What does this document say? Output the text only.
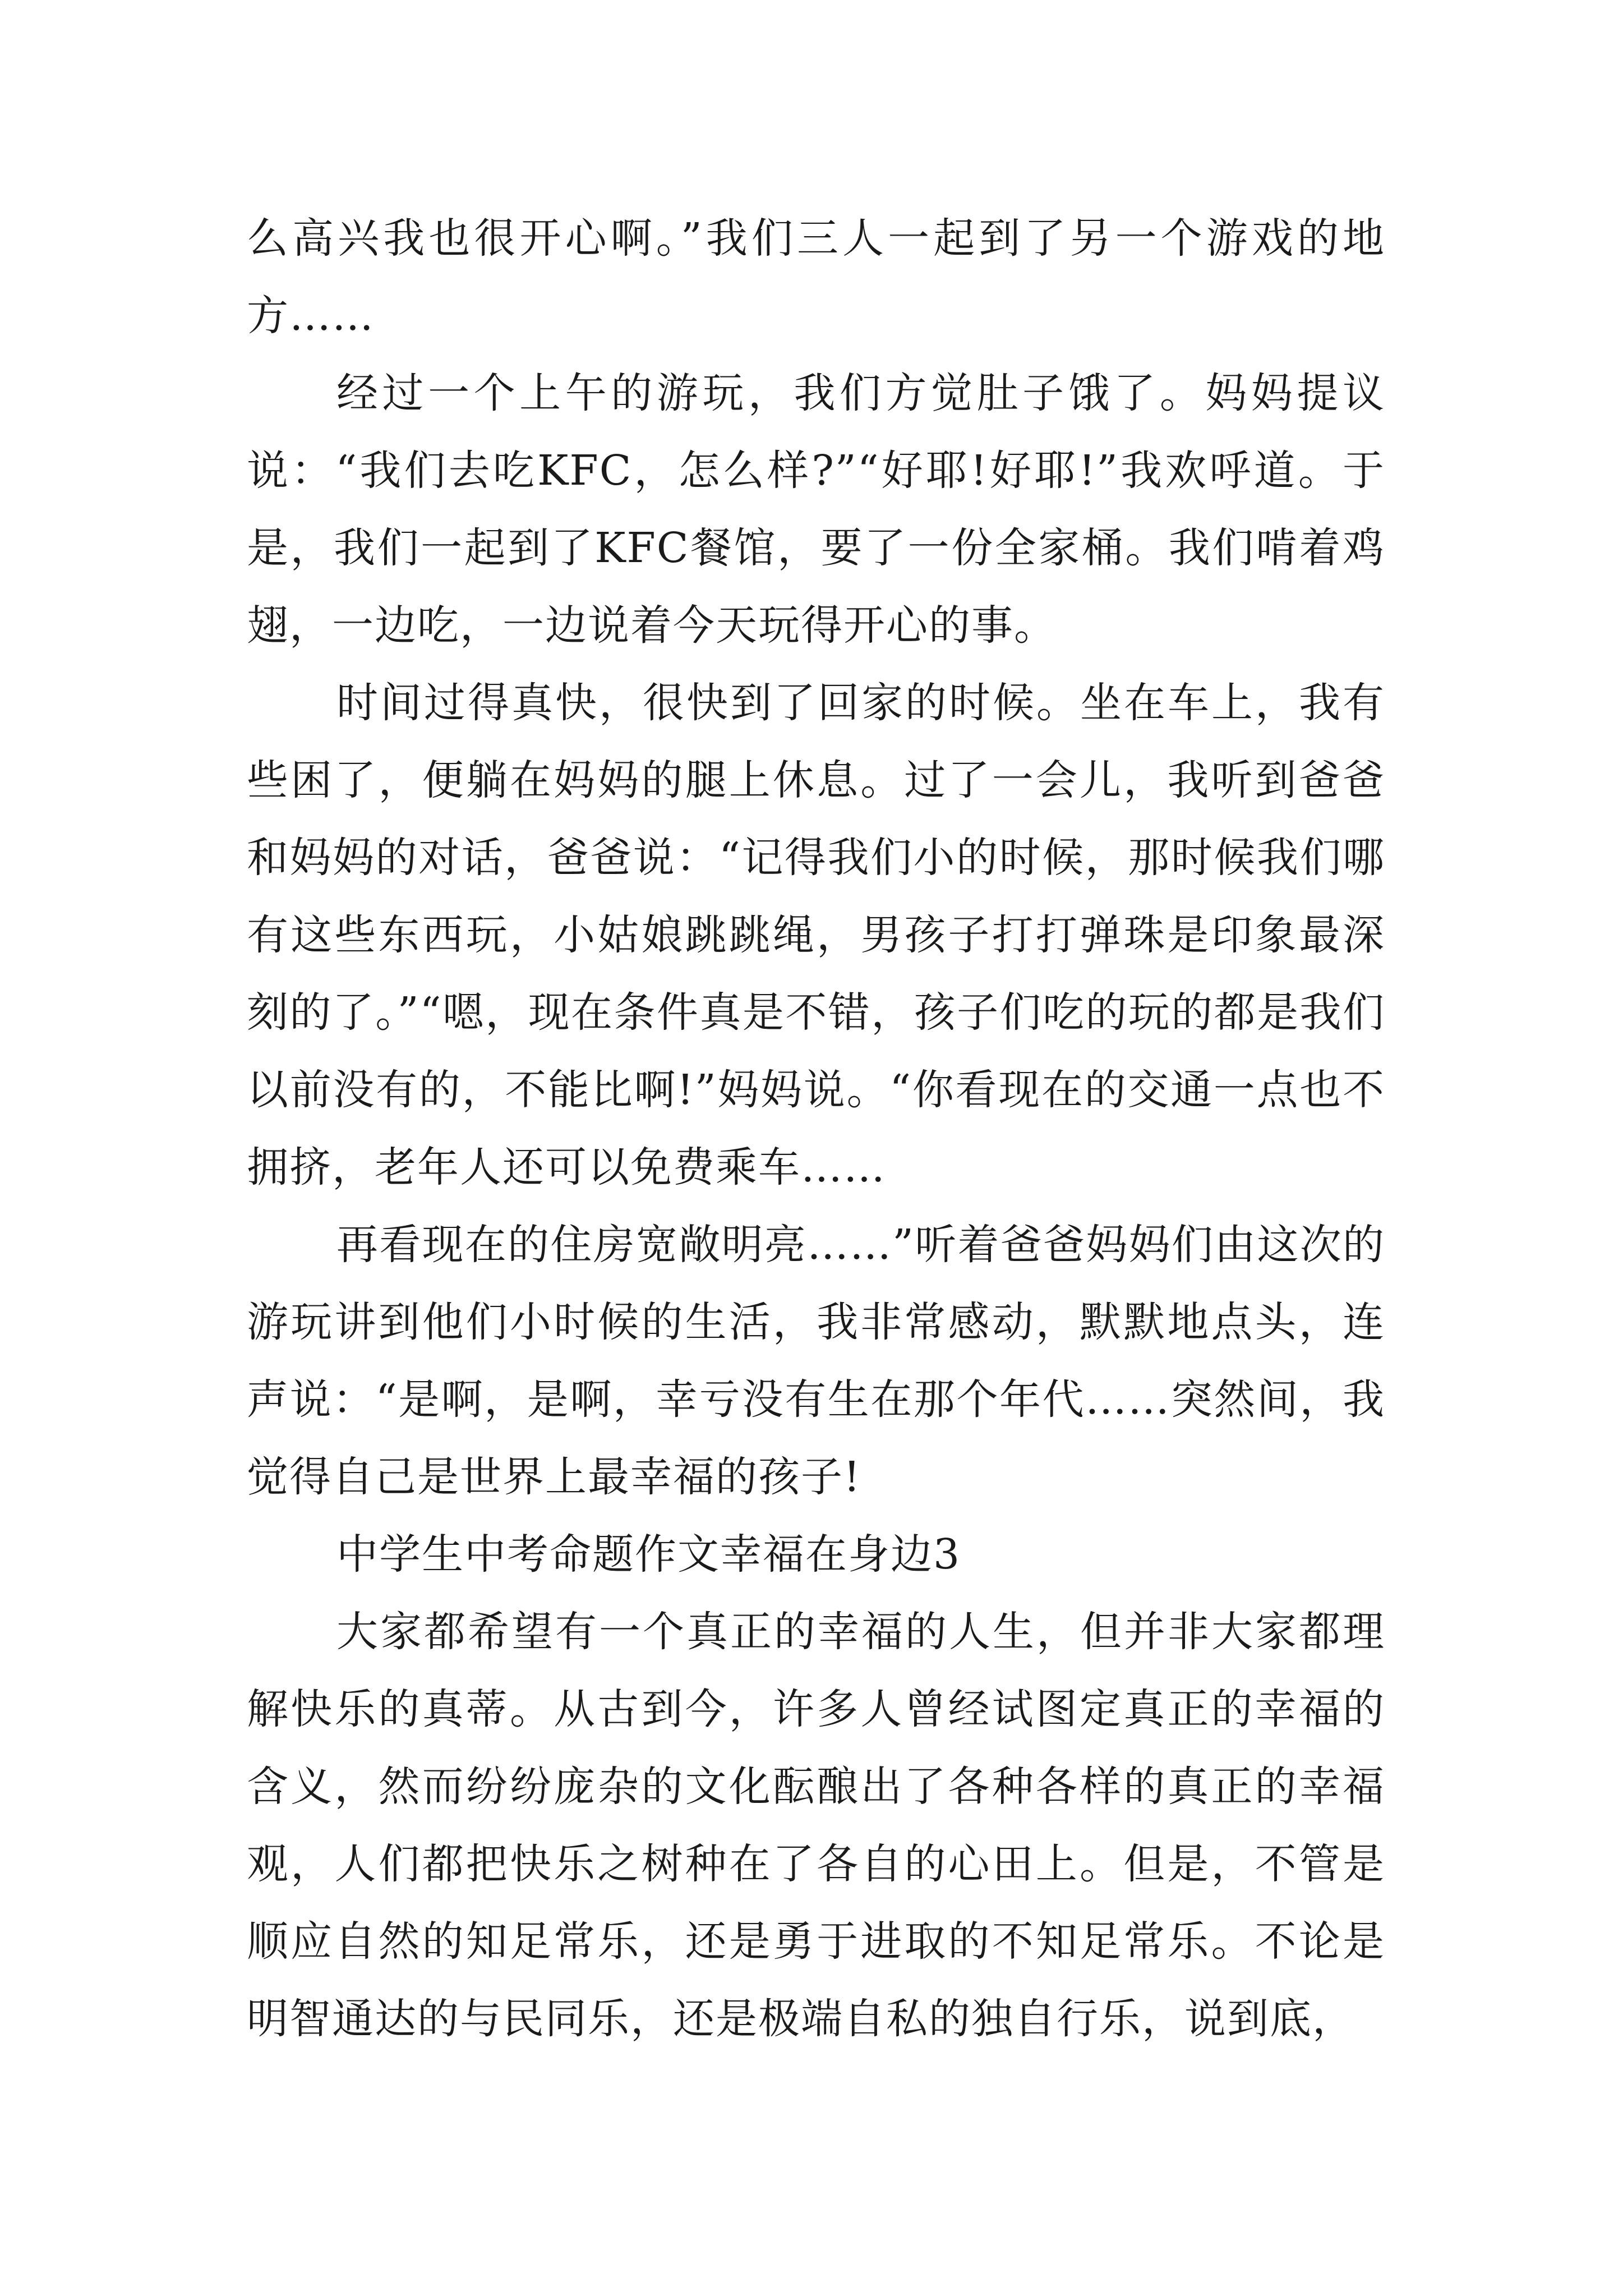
么高兴我也很开心啊。”我们三人一起到了另一个游戏的地方……

经过一个上午的游玩，我们方觉肚子饿了。妈妈提议说：“我们去吃KFC，怎么样?”“好耶!好耶!”我欢呼道。于是，我们一起到了KFC餐馆，要了一份全家桶。我们啃着鸡翅，一边吃，一边说着今天玩得开心的事。

时间过得真快，很快到了回家的时候。坐在车上，我有些困了，便躺在妈妈的腿上休息。过了一会儿，我听到爸爸和妈妈的对话，爸爸说：“记得我们小的时候，那时候我们哪有这些东西玩，小姑娘跳跳绳，男孩子打打弹珠是印象最深刻的了。”“嗯，现在条件真是不错，孩子们吃的玩的都是我们以前没有的，不能比啊!”妈妈说。“你看现在的交通一点也不拥挤，老年人还可以免费乘车……

再看现在的住房宽敞明亮……”听着爸爸妈妈们由这次的游玩讲到他们小时候的生活，我非常感动，默默地点头，连声说：“是啊，是啊，幸亏没有生在那个年代……突然间，我觉得自己是世界上最幸福的孩子!

中学生中考命题作文幸福在身边3

大家都希望有一个真正的幸福的人生，但并非大家都理解快乐的真蒂。从古到今，许多人曾经试图定真正的幸福的含义，然而纷纷庞杂的文化酝酿出了各种各样的真正的幸福观，人们都把快乐之树种在了各自的心田上。但是，不管是顺应自然的知足常乐，还是勇于进取的不知足常乐。不论是明智通达的与民同乐，还是极端自私的独自行乐，说到底，
